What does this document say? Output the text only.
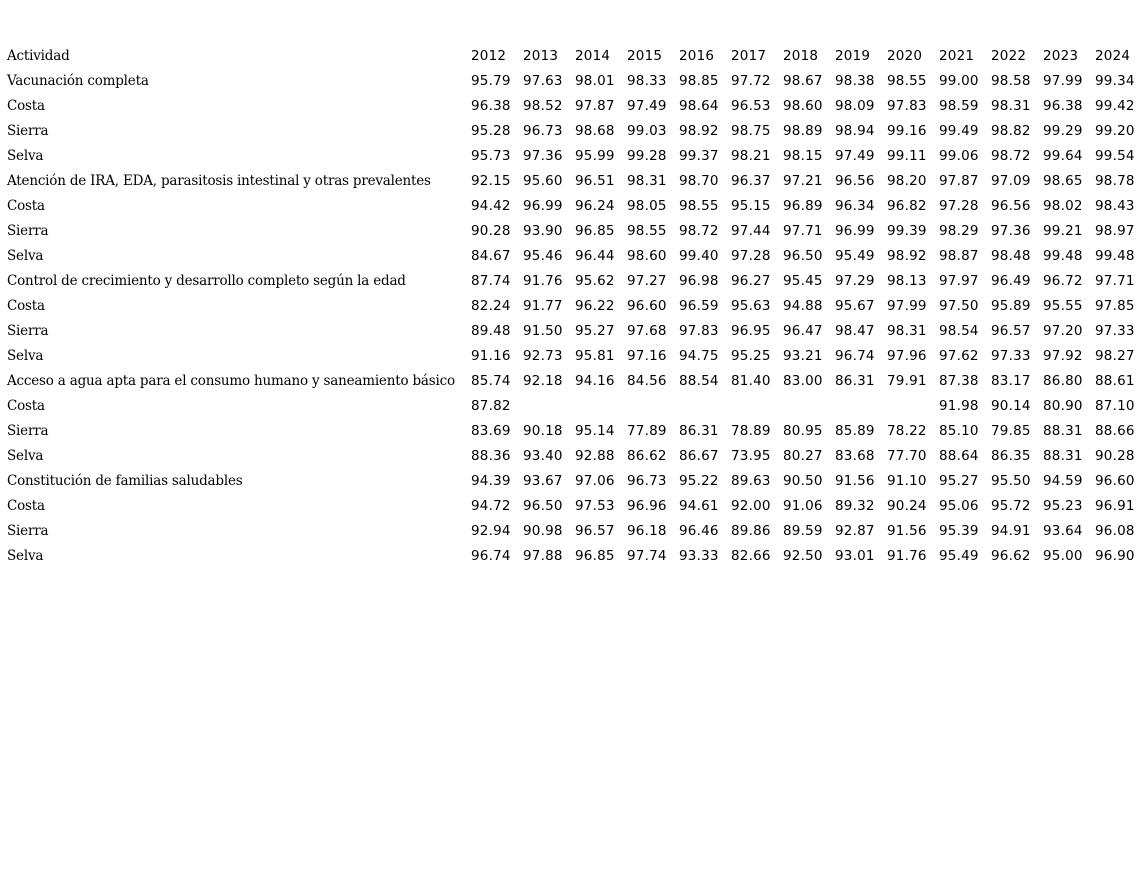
Actividad	2012	2013	2014	2015	2016	2017	2018	2019	2020	2021	2022	2023	2024
Vacunación completa	95.79	97.63	98.01	98.33	98.85	97.72	98.67	98.38	98.55	99.00	98.58	97.99	99.34
Costa	96.38	98.52	97.87	97.49	98.64	96.53	98.60	98.09	97.83	98.59	98.31	96.38	99.42
Sierra	95.28	96.73	98.68	99.03	98.92	98.75	98.89	98.94	99.16	99.49	98.82	99.29	99.20
Selva	95.73	97.36	95.99	99.28	99.37	98.21	98.15	97.49	99.11	99.06	98.72	99.64	99.54
Atención de IRA, EDA, parasitosis intestinal y otras prevalentes	92.15	95.60	96.51	98.31	98.70	96.37	97.21	96.56	98.20	97.87	97.09	98.65	98.78
Costa	94.42	96.99	96.24	98.05	98.55	95.15	96.89	96.34	96.82	97.28	96.56	98.02	98.43
Sierra	90.28	93.90	96.85	98.55	98.72	97.44	97.71	96.99	99.39	98.29	97.36	99.21	98.97
Selva	84.67	95.46	96.44	98.60	99.40	97.28	96.50	95.49	98.92	98.87	98.48	99.48	99.48
Control de crecimiento y desarrollo completo según la edad	87.74	91.76	95.62	97.27	96.98	96.27	95.45	97.29	98.13	97.97	96.49	96.72	97.71
Costa	82.24	91.77	96.22	96.60	96.59	95.63	94.88	95.67	97.99	97.50	95.89	95.55	97.85
Sierra	89.48	91.50	95.27	97.68	97.83	96.95	96.47	98.47	98.31	98.54	96.57	97.20	97.33
Selva	91.16	92.73	95.81	97.16	94.75	95.25	93.21	96.74	97.96	97.62	97.33	97.92	98.27
Acceso a agua apta para el consumo humano y saneamiento básico	85.74	92.18	94.16	84.56	88.54	81.40	83.00	86.31	79.91	87.38	83.17	86.80	88.61
Costa	87.82									91.98	90.14	80.90	87.10
Sierra	83.69	90.18	95.14	77.89	86.31	78.89	80.95	85.89	78.22	85.10	79.85	88.31	88.66
Selva	88.36	93.40	92.88	86.62	86.67	73.95	80.27	83.68	77.70	88.64	86.35	88.31	90.28
Constitución de familias saludables	94.39	93.67	97.06	96.73	95.22	89.63	90.50	91.56	91.10	95.27	95.50	94.59	96.60
Costa	94.72	96.50	97.53	96.96	94.61	92.00	91.06	89.32	90.24	95.06	95.72	95.23	96.91
Sierra	92.94	90.98	96.57	96.18	96.46	89.86	89.59	92.87	91.56	95.39	94.91	93.64	96.08
Selva	96.74	97.88	96.85	97.74	93.33	82.66	92.50	93.01	91.76	95.49	96.62	95.00	96.90
